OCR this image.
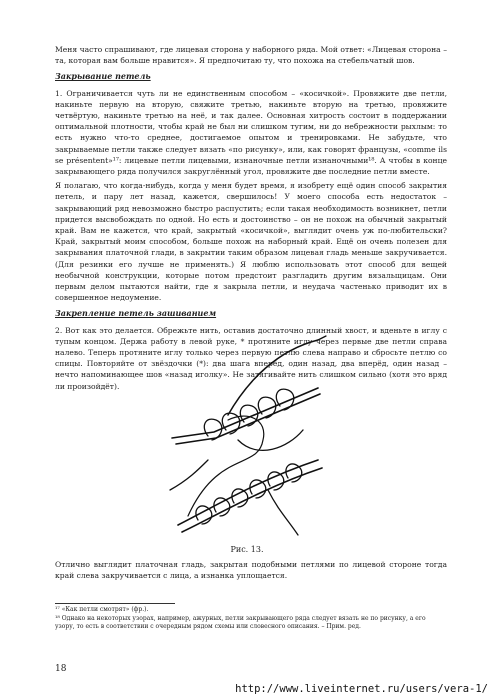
Меня часто спрашивают, где лицевая сторона у наборного ряда. Мой ответ: «Лицевая сторона – та, которая вам больше нравится». Я предпочитаю ту, что похожа на стебельчатый шов.

Закрывание петель

1. Ограничивается чуть ли не единственным способом – «косичкой». Провяжите две петли, накиньте первую на вторую, свяжите третью, накиньте вторую на третью, провяжите четвёртую, накиньте третью на неё, и так далее. Основная хитрость состоит в поддержании оптимальной плотности, чтобы край не был ни слишком тугим, ни до небрежности рыхлым: то есть нужно что-то среднее, достигаемое опытом и тренировками. Не забудьте, что закрываемые петли также следует вязать «по рисунку», или, как говорят французы, «comme ils se présentent»¹⁷: лицевые петли лицевыми, изнаночные петли изнаночными¹⁸. А чтобы в конце закрывающего ряда получился закруглённый угол, провяжите две последние петли вместе.

Я полагаю, что когда-нибудь, когда у меня будет время, я изобрету ещё один способ закрытия петель, и пару лет назад, кажется, свершилось! У моего способа есть недостаток – закрывающий ряд невозможно быстро распустить; если такая необходимость возникнет, петли придется высвобождать по одной. Но есть и достоинство – он не похож на обычный закрытый край. Вам не кажется, что край, закрытый «косичкой», выглядит очень уж по-любительски? Край, закрытый моим способом, больше похож на наборный край. Ещё он очень полезен для закрывания платочной глади, в закрытии таким образом лицевая гладь меньше закручивается. (Для резинки его лучше не применять.) Я люблю использовать этот способ для вещей необычной конструкции, которые потом предстоит разгладить другим вязальщицам. Они первым делом пытаются найти, где я закрыла петли, и неудача частенько приводит их в совершенное недоумение.

Закрепление петель зашиванием

2. Вот как это делается. Обрежьте нить, оставив достаточно длинный хвост, и вденьте в иглу с тупым концом. Держа работу в левой руке, * протяните иглу через первые две петли справа налево. Теперь протяните иглу только через первую петлю слева направо и сбросьте петлю со спицы. Повторяйте от звёздочки (*): два шага вперёд, один назад, два вперёд, один назад – нечто напоминающее шов «назад иголку». Не затягивайте нить слишком сильно (хотя это вряд ли произойдёт).

Рис. 13.

Отлично выглядит платочная гладь, закрытая подобными петлями по лицевой стороне тогда край слева закручивается с лица, а изнанка уплощается.

¹⁷ «Как петли смотрят» (фр.).
¹⁸ Однако на некоторых узорах, например, ажурных, петли закрывающего ряда следует вязать не по рисунку, а его узору, то есть в соответствии с очередным рядом схемы или словесного описания. – Прим. ред.
18
http://www.liveinternet.ru/users/vera-1/
